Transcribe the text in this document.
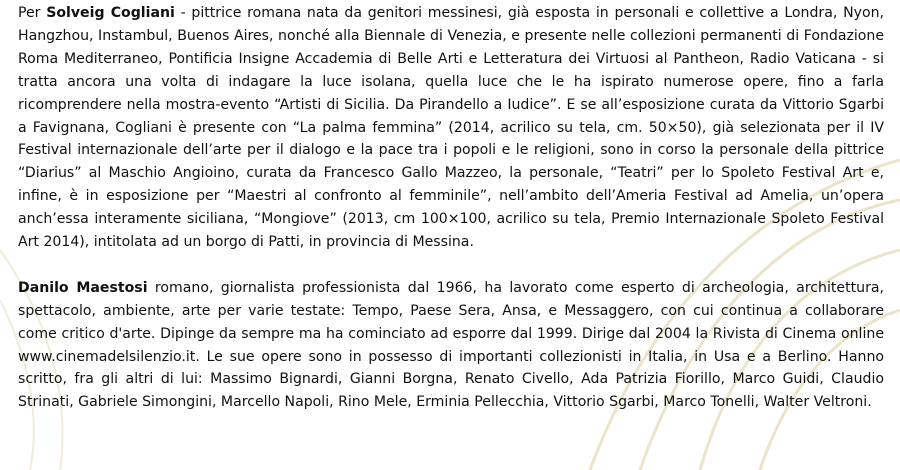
Per Solveig Cogliani - pittrice romana nata da genitori messinesi, già esposta in personali e collettive a Londra, Nyon, Hangzhou, Instambul, Buenos Aires, nonché alla Biennale di Venezia, e presente nelle collezioni permanenti di Fondazione Roma Mediterraneo, Pontificia Insigne Accademia di Belle Arti e Letteratura dei Virtuosi al Pantheon, Radio Vaticana - si tratta ancora una volta di indagare la luce isolana, quella luce che le ha ispirato numerose opere, fino a farla ricomprendere nella mostra-evento “Artisti di Sicilia. Da Pirandello a Iudice”. E se all’esposizione curata da Vittorio Sgarbi a Favignana, Cogliani è presente con “La palma femmina” (2014, acrilico su tela, cm. 50×50), già selezionata per il IV Festival internazionale dell’arte per il dialogo e la pace tra i popoli e le religioni, sono in corso la personale della pittrice “Diarius” al Maschio Angioino, curata da Francesco Gallo Mazzeo, la personale, “Teatri” per lo Spoleto Festival Art e, infine, è in esposizione per “Maestri al confronto al femminile”, nell’ambito dell’Ameria Festival ad Amelia, un’opera anch’essa interamente siciliana, “Mongiove” (2013, cm 100×100, acrilico su tela, Premio Internazionale Spoleto Festival Art 2014), intitolata ad un borgo di Patti, in provincia di Messina.

Danilo Maestosi romano, giornalista professionista dal 1966, ha lavorato come esperto di archeologia, architettura, spettacolo, ambiente, arte per varie testate: Tempo, Paese Sera, Ansa, e Messaggero, con cui continua a collaborare come critico d'arte. Dipinge da sempre ma ha cominciato ad esporre dal 1999. Dirige dal 2004 la Rivista di Cinema online www.cinemadelsilenzio.it. Le sue opere sono in possesso di importanti collezionisti in Italia, in Usa e a Berlino. Hanno scritto, fra gli altri di lui: Massimo Bignardi, Gianni Borgna, Renato Civello, Ada Patrizia Fiorillo, Marco Guidi, Claudio Strinati, Gabriele Simongini, Marcello Napoli, Rino Mele, Erminia Pellecchia, Vittorio Sgarbi, Marco Tonelli, Walter Veltroni.
